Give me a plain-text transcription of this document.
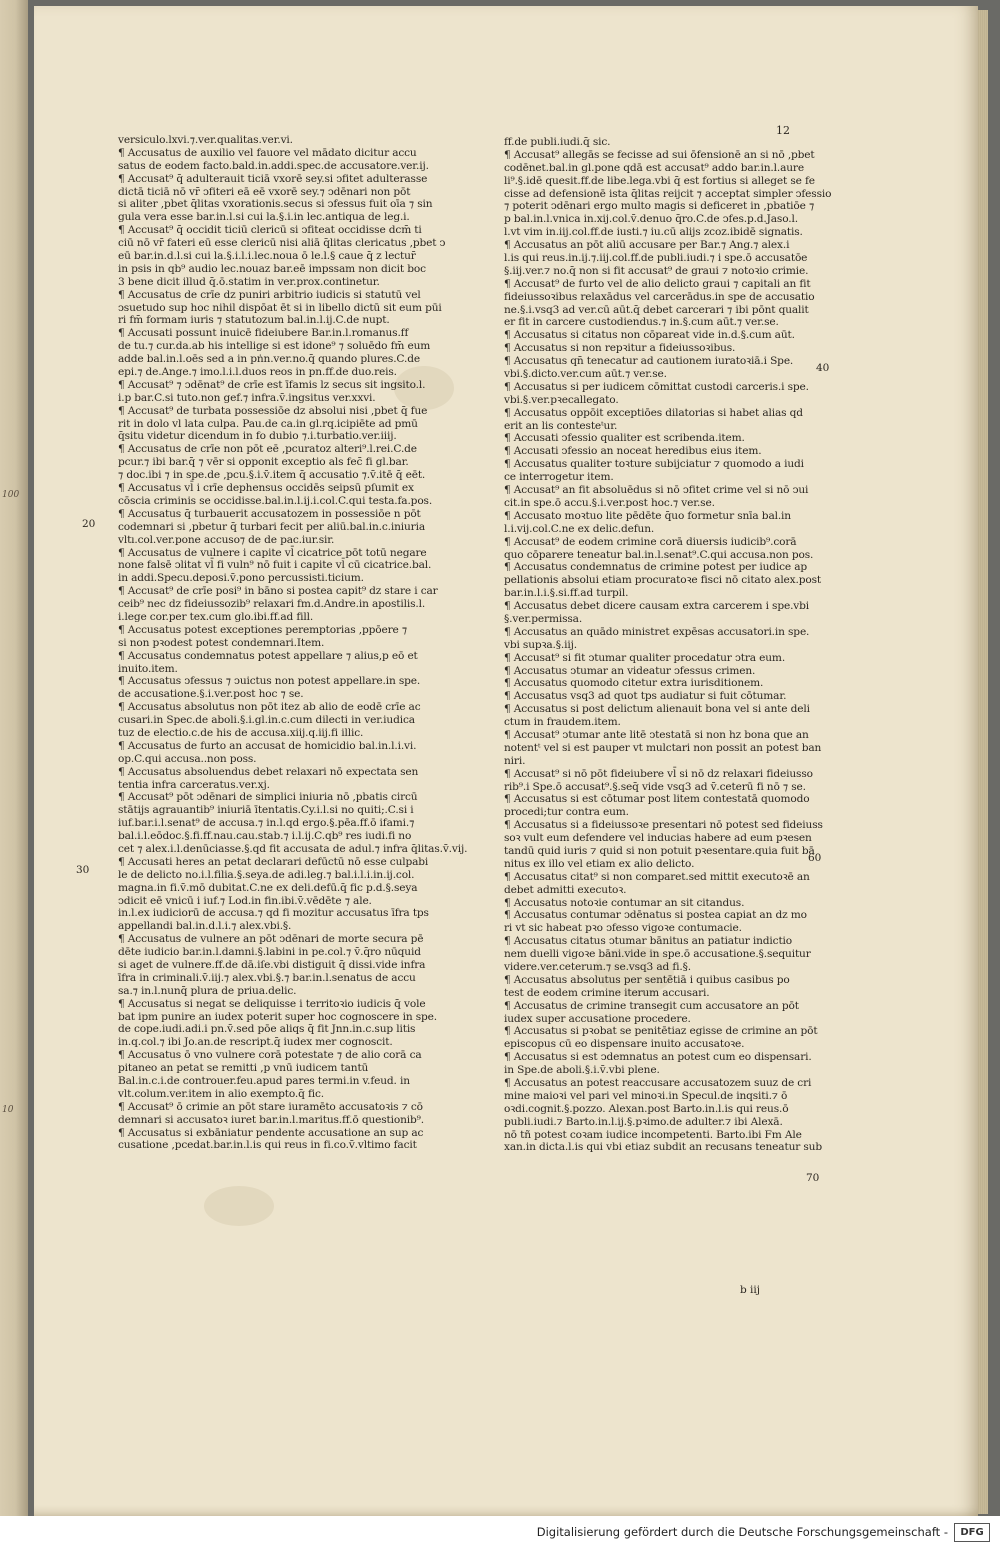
100
10
12
versiculo.lxvi.⁊.ver.qualitas.ver.vi.
¶ Accusatus de auxilio vel fauore vel mādato dicitur accu
satus de eodem facto.bald.in.addi.spec.de accusatore.ver.ij.
¶ Accusat⁹ q̄ adulterauit ticiā vxorē sey.si ↄfitet adulterasse
dictā ticiā nō vr̄ ↄfiteri eā eē vxorē sey.⁊ ↄdēnari non pōt
si aliter ,pbet q̄litas vxorationis.secus si ↄfessus fuit oīa ⁊ sin
gula vera esse bar.in.l.si cui la.§.i.in lec.antiqua de leg.i.
¶ Accusat⁹ q̄ occidit ticiū clericū si ↄfiteat occidisse dcm̄ ti
ciū nō vr̄ fateri eū esse clericū nisi aliā q̄litas clericatus ,pbet ↄ
eū bar.in.d.l.si cui la.§.i.l.i.lec.noua ō le.l.§ caue q̄ z lectur̄
in psis in qb⁹ audio lec.nouaz bar.eē impssam non dicit boc
3 bene dicit illud q̄.ō.statim in ver.prox.continetur.
¶ Accusatus de crīe dz puniri arbitrio iudicis si statutū vel
ↄsuetudo sup hoc nihil dispōat ēt si in libello dictū sit eum pūi
ri fm̄ formam iuris ⁊ statutozum bal.in.l.ij.C.de nupt.
¶ Accusati possunt inuicē fideiubere Bar.in.l.romanus.ff
de tu.⁊ cur.da.ab his intellige si est idone⁹ ⁊ soluēdo fm̄ eum
adde bal.in.l.oēs sed a in pṅn.ver.no.q̄ quando plures.C.de
epi.⁊ de.Ange.⁊ imo.l.i.l.duos reos in pn.ff.de duo.reis.
¶ Accusat⁹ ⁊ ↄdēnat⁹ de crīe est īfamis lz secus sit ingsito.l.
i.p bar.C.si tuto.non gef.⁊ infra.v̄.ingsitus ver.xxvi.
¶ Accusat⁹ de turbata possessiōe dz absolui nisi ,pbet q̄ fue
rit in dolo vl lata culpa. Pau.de ca.in gl.rq.icipiēte ad pmū
q̄situ videtur dicendum in fo dubio ⁊.i.turbatio.ver.iiij.
¶ Accusatus de crīe non pōt eē ,pcuratoz alteri⁹.l.rei.C.de
pcur.⁊ ibi bar.q̄ ⁊ vēr si opponit exceptio als fec̄ fi gl.bar.
⁊ doc.ibi ⁊ in spe.de ,pcu.§.i.v̄.item q̄ accusatio ⁊.v̄.itē q̄ eēt.
¶ Accusatus vl̄ i crīe dephensus occidēs seipsū pſumit ex
cōscia criminis se occidisse.bal.in.l.ij.i.col.C.qui testa.fa.pos.
¶ Accusatus q̄ turbauerit accusatozem in possessiōe n pōt
codemnari si ,pbetur q̄ turbari fecit per aliū.bal.in.c.iniuria
vltı.col.ver.pone accuso⁊ de de pac.iur.sir.
¶ Accusatus de vulnere i capite vl̄ cicatrice pōt totū negare
none falsē ↄlitat vl̄ fi vuln⁹ nō fuit i capite vl̄ cū cicatrice.bal.
in addi.Specu.deposi.v̄.pono percussisti.ticium.
¶ Accusat⁹ de crīe posi⁹ in bāno si postea capit⁹ dz stare i car
ceib⁹ nec dz fideiussozib⁹ relaxari fm.d.Andre.in apostilis.l.
i.lege cor.per tex.cum glo.ibi.ff.ad fill.
¶ Accusatus potest exceptiones peremptorias ,ppōere ⁊
si non pꝛodest potest condemnari.Item.
¶ Accusatus condemnatus potest appellare ⁊ alius,p eō et
inuito.item.
¶ Accusatus ↄfessus ⁊ ↄuictus non potest appellare.in spe.
de accusatione.§.i.ver.post hoc ⁊ se.
¶ Accusatus absolutus non pōt itez ab alio de eodē crīe ac
cusari.in Spec.de aboli.§.i.gl.in.c.cum dilecti in ver.iudica
tuz de electio.c.de his de accusa.xiij.q.iij.fi illic.
¶ Accusatus de furto an accusat de homicidio bal.in.l.i.vi.
op.C.qui accusa..non poss.
¶ Accusatus absoluendus debet relaxari nō expectata sen
tentia infra carceratus.ver.xj.
¶ Accusat⁹ pōt ↄdēnari de simplici iniuria nō ,pbatis circū
stātijs agrauantib⁹ iniuriā ītentatis.Cy.i.l.si no quiti;.C.si i
iuf.bar.i.l.senat⁹ de accusa.⁊ in.l.qd ergo.§.pēa.ff.ō ifami.⁊
bal.i.l.eōdoc.§.fi.ff.nau.cau.stab.⁊ i.l.ij.C.qb⁹ res iudi.fi no
cet ⁊ alex.i.l.denūciasse.§.qd fit accusata de adul.⁊ infra q̄litas.v̄.vij.
¶ Accusati heres an petat declarari defūctū nō esse culpabi
le de delicto no.i.l.filia.§.seya.de adi.leg.⁊ bal.i.l.i.in.ij.col.
magna.in fi.v̄.mō dubitat.C.ne ex deli.defū.q̄ fic p.d.§.seya
ↄdicit eē vnicū i iuf.⁊ Lod.in fin.ibi.v̄.vēdēte ⁊ ale.
in.l.ex iudiciorū de accusa.⁊ qd fi mozitur accusatus īfra tps
appellandi bal.in.d.l.i.⁊ alex.vbi.§.
¶ Accusatus de vulnere an pōt ↄdēnari de morte secura pē
dēte iudicio bar.in.l.damni.§.labini in pe.col.⁊ v̄.q̄ro nūquid
si aget de vulnere.ff.de dā.iſe.vbi distiguit q̄ dissi.vide infra
īfra in criminali.v̄.iij.⁊ alex.vbi.§.⁊ bar.in.l.senatus de accu
sa.⁊ in.l.nunq̄ plura de priua.delic.
¶ Accusatus si negat se deliquisse i territoꝛio iudicis q̄ vole
bat ipm punire an iudex poterit super hoc cognoscere in spe.
de cope.iudi.adi.i pn.v̄.sed pōe aliqs q̄ fit Jnn.in.c.sup litis
in.q.col.⁊ ibi Jo.an.de rescript.q̄ iudex mer cognoscit.
¶ Accusatus ō vno vulnere corā potestate ⁊ de alio corā ca
pitaneo an petat se remitti ,p vnū iudicem tantū
Bal.in.c.i.de controuer.feu.apud pares termi.in v.feud. in
vlt.colum.ver.item in alio exempto.q̄ fic.
¶ Accusat⁹ ō crimie an pōt stare iuramēto accusatoꝛis ⁊ cō
demnari si accusatoꝛ iuret bar.in.l.maritus.ff.ō questionib⁹.
¶ Accusatus si exbāniatur pendente accusatione an sup ac
cusatione ,pcedat.bar.in.l.is qui reus in fi.co.v̄.vltimo facit
ff.de publi.iudi.q̄ sic.
¶ Accusat⁹ allegās se fecisse ad sui ōfensionē an si nō ,pbet
codēnet.bal.in gl.pone qdā est accusat⁹ addo bar.in.l.aure
li⁹.§.idē quesit.ff.de libe.lega.vbi q̄ est fortius si alleget se fe
cisse ad defensionē ista q̄litas reijcit ⁊ acceptat simpler ↄfessio
⁊ poterit ↄdēnari ergo multo magis si deficeret in ,pbatiōe ⁊
p bal.in.l.vnica in.xij.col.v̄.denuo q̄ro.C.de ↄfes.p.d.Jaso.l.
l.vt vim in.iij.col.ff.de iusti.⁊ iu.cū alijs zcoz.ibidē signatis.
¶ Accusatus an pōt aliū accusare per Bar.⁊ Ang.⁊ alex.i
l.is qui reus.in.ij.⁊.iij.col.ff.de publi.iudi.⁊ i spe.ō accusatōe
§.iij.ver.⁊ no.q̄ non si fit accusat⁹ de graui ⁊ notoꝛio crimie.
¶ Accusat⁹ de furto vel de alio delicto graui ⁊ capitali an fit
fideiussoꝛibus relaxādus vel carcerādus.in spe de accusatio
ne.§.i.vsq3 ad ver.cū aūt.q̄ debet carcerari ⁊ ibi pōnt qualit
er fit in carcere custodiendus.⁊ in.§.cum aūt.⁊ ver.se.
¶ Accusatus si citatus non cōpareat vide in.d.§.cum aūt.
¶ Accusatus si non repꝛitur a fideiussoꝛibus.
¶ Accusatus qn̄ tenecatur ad cautionem iuratoꝛiā.i Spe.
vbi.§.dicto.ver.cum aūt.⁊ ver.se.
¶ Accusatus si per iudicem cōmittat custodi carceris.i spe.
vbi.§.ver.pꝛecallegato.
¶ Accusatus oppōit exceptiōes dilatorias si habet alias qd
erit an lis contesteᵗur.
¶ Accusati ↄfessio qualiter est scribenda.item.
¶ Accusati ↄfessio an noceat heredibus eius item.
¶ Accusatus qualiter toꝛture subijciatur ⁊ quomodo a iudi
ce interrogetur item.
¶ Accusat⁹ an fit absoluēdus si nō ↄfitet crime vel si nō ↄui
cit.in spe.ō accu.§.i.ver.post hoc.⁊ ver.se.
¶ Accusato moꝛtuo lite pēdēte q̄uo formetur snīa bal.in
l.i.vij.col.C.ne ex delic.defun.
¶ Accusat⁹ de eodem crimine corā diuersis iudicib⁹.corā
quo cōparere teneatur bal.in.l.senat⁹.C.qui accusa.non pos.
¶ Accusatus condemnatus de crimine potest per iudice ap
pellationis absolui etiam procuratoꝛe fisci nō citato alex.post
bar.in.l.i.§.si.ff.ad turpil.
¶ Accusatus debet dicere causam extra carcerem i spe.vbi
§.ver.permissa.
¶ Accusatus an quādo ministret expēsas accusatori.in spe.
vbi supꝛa.§.iij.
¶ Accusat⁹ si fit ↄtumar qualiter procedatur ↄtra eum.
¶ Accusatus ↄtumar an videatur ↄfessus crimen.
¶ Accusatus quomodo citetur extra iurisditionem.
¶ Accusatus vsq3 ad quot tps audiatur si fuit cōtumar.
¶ Accusatus si post delictum alienauit bona vel si ante deli
ctum in fraudem.item.
¶ Accusat⁹ ↄtumar ante litē ↄtestatā si non hz bona que an
notentᵗ vel si est pauper vt mulctari non possit an potest ban
niri.
¶ Accusat⁹ si nō pōt fideiubere vl̄ si nō dz relaxari fideiusso
rib⁹.i Spe.ō accusat⁹.§.seq̄ vide vsq3 ad v̄.ceterū fi nō ⁊ se.
¶ Accusatus si est cōtumar post litem contestatā quomodo
procedi;tur contra eum.
¶ Accusatus si a fideiussoꝛe presentari nō potest sed fideiuss
soꝛ vult eum defendere vel inducias habere ad eum pꝛesen
tandū quid iuris ⁊ quid si non potuit pꝛesentare.quia fuit bā
nitus ex illo vel etiam ex alio delicto.
¶ Accusatus citat⁹ si non comparet.sed mittit executoꝛē an
debet admitti executoꝛ.
¶ Accusatus notoꝛie contumar an sit citandus.
¶ Accusatus contumar ↄdēnatus si postea capiat an dz mo
ri vt sic habeat pꝛo ↄfesso vigoꝛe contumacie.
¶ Accusatus citatus ↄtumar bānitus an patiatur indictio
nem duelli vigoꝛe bāni.vide in spe.ō accusatione.§.sequitur
videre.ver.ceterum.⁊ se.vsq3 ad fi.§.
¶ Accusatus absolutus per sentētiā i quibus casibus po
test de eodem crimine iterum accusari.
¶ Accusatus de crimine transegit cum accusatore an pōt
iudex super accusatione procedere.
¶ Accusatus si pꝛobat se penitētiaz egisse de crimine an pōt
episcopus cū eo dispensare inuito accusatoꝛe.
¶ Accusatus si est ↄdemnatus an potest cum eo dispensari.
in Spe.de aboli.§.i.v̄.vbi plene.
¶ Accusatus an potest reaccusare accusatozem suuz de cri
mine maioꝛi vel pari vel minoꝛi.in Specul.de inqsiti.⁊ ō
oꝛdi.cognit.§.pozzo. Alexan.post Barto.in.l.is qui reus.ō
publi.iudi.⁊ Barto.in.l.ij.§.pꝛimo.de adulter.⁊ ibi Alexā.
nō tñ potest coꝛam iudice incompetenti. Barto.ibi Fm Ale
xan.in dicta.l.is qui vbi etiaz subdit an recusans teneatur sub
20
30
40
60
70
b iij
Digitalisierung gefördert durch die Deutsche Forschungsgemeinschaft -	DFG
